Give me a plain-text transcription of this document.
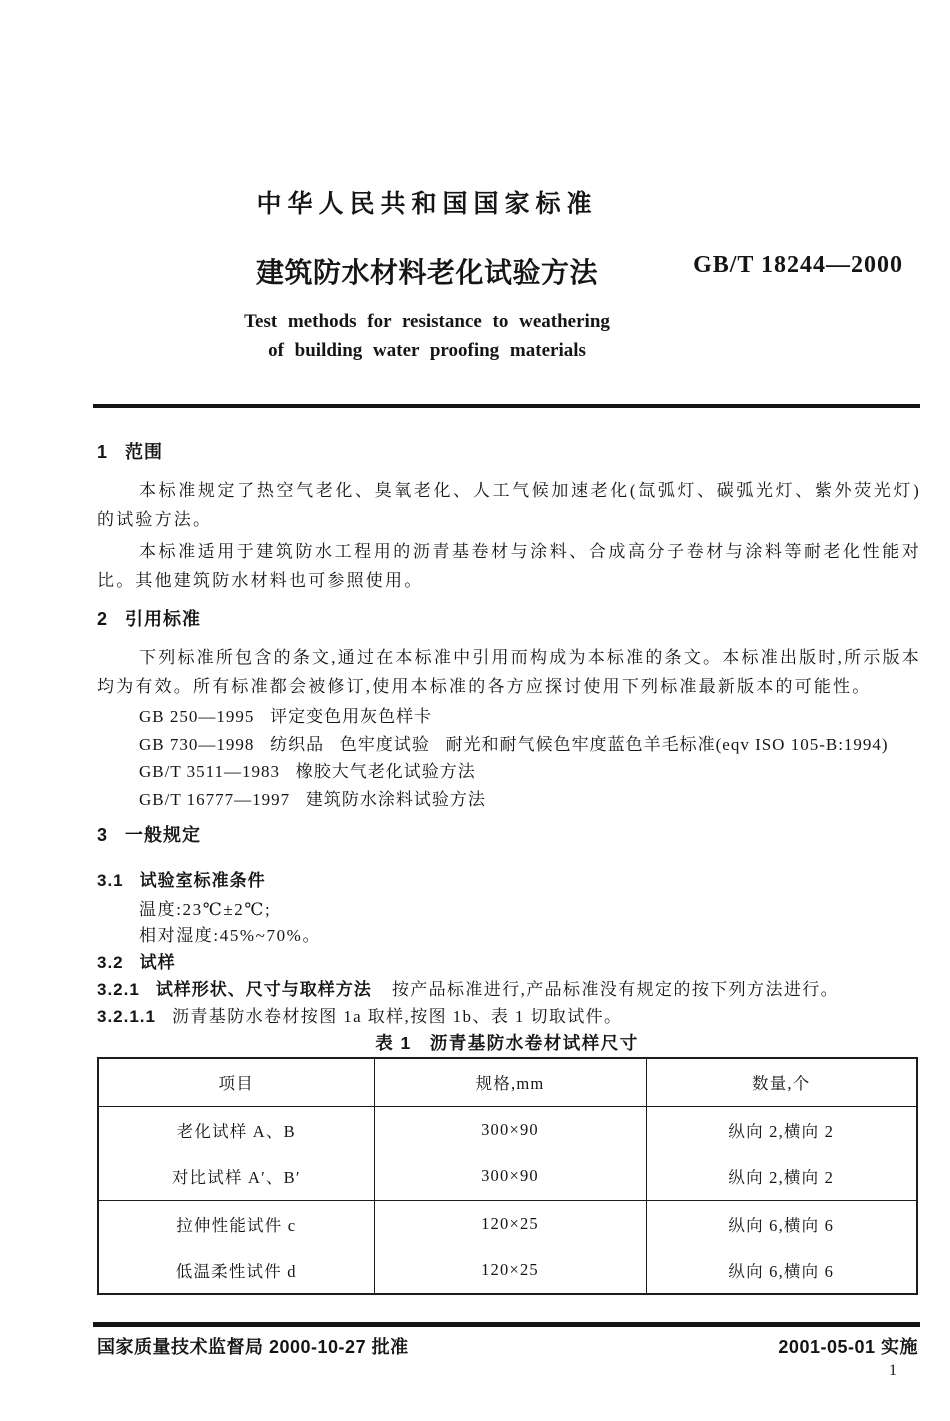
中华人民共和国国家标准
建筑防水材料老化试验方法	GB/T 18244—2000
Test methods for resistance to weathering
of building water proofing materials
1 范围

本标准规定了热空气老化、臭氧老化、人工气候加速老化(氙弧灯、碳弧光灯、紫外荧光灯)的试验方法。

本标准适用于建筑防水工程用的沥青基卷材与涂料、合成高分子卷材与涂料等耐老化性能对比。其他建筑防水材料也可参照使用。

2 引用标准

下列标准所包含的条文,通过在本标准中引用而构成为本标准的条文。本标准出版时,所示版本均为有效。所有标准都会被修订,使用本标准的各方应探讨使用下列标准最新版本的可能性。

GB 250—1995   评定变色用灰色样卡
GB 730—1998   纺织品   色牢度试验   耐光和耐气候色牢度蓝色羊毛标准(eqv ISO 105-B:1994)
GB/T 3511—1983   橡胶大气老化试验方法
GB/T 16777—1997   建筑防水涂料试验方法
3 一般规定
3.1 试验室标准条件
温度:23℃±2℃;
相对湿度:45%~70%。
3.2 试样
3.2.1 试样形状、尺寸与取样方法 按产品标准进行,产品标准没有规定的按下列方法进行。
3.2.1.1 沥青基防水卷材按图 1a 取样,按图 1b、表 1 切取试件。
表 1 沥青基防水卷材试样尺寸
项目	规格,mm	数量,个
老化试样 A、B	300×90	纵向 2,横向 2
对比试样 A′、B′	300×90	纵向 2,横向 2
拉伸性能试件 c	120×25	纵向 6,横向 6
低温柔性试件 d	120×25	纵向 6,横向 6
国家质量技术监督局 2000-10-27 批准	2001-05-01 实施
1
